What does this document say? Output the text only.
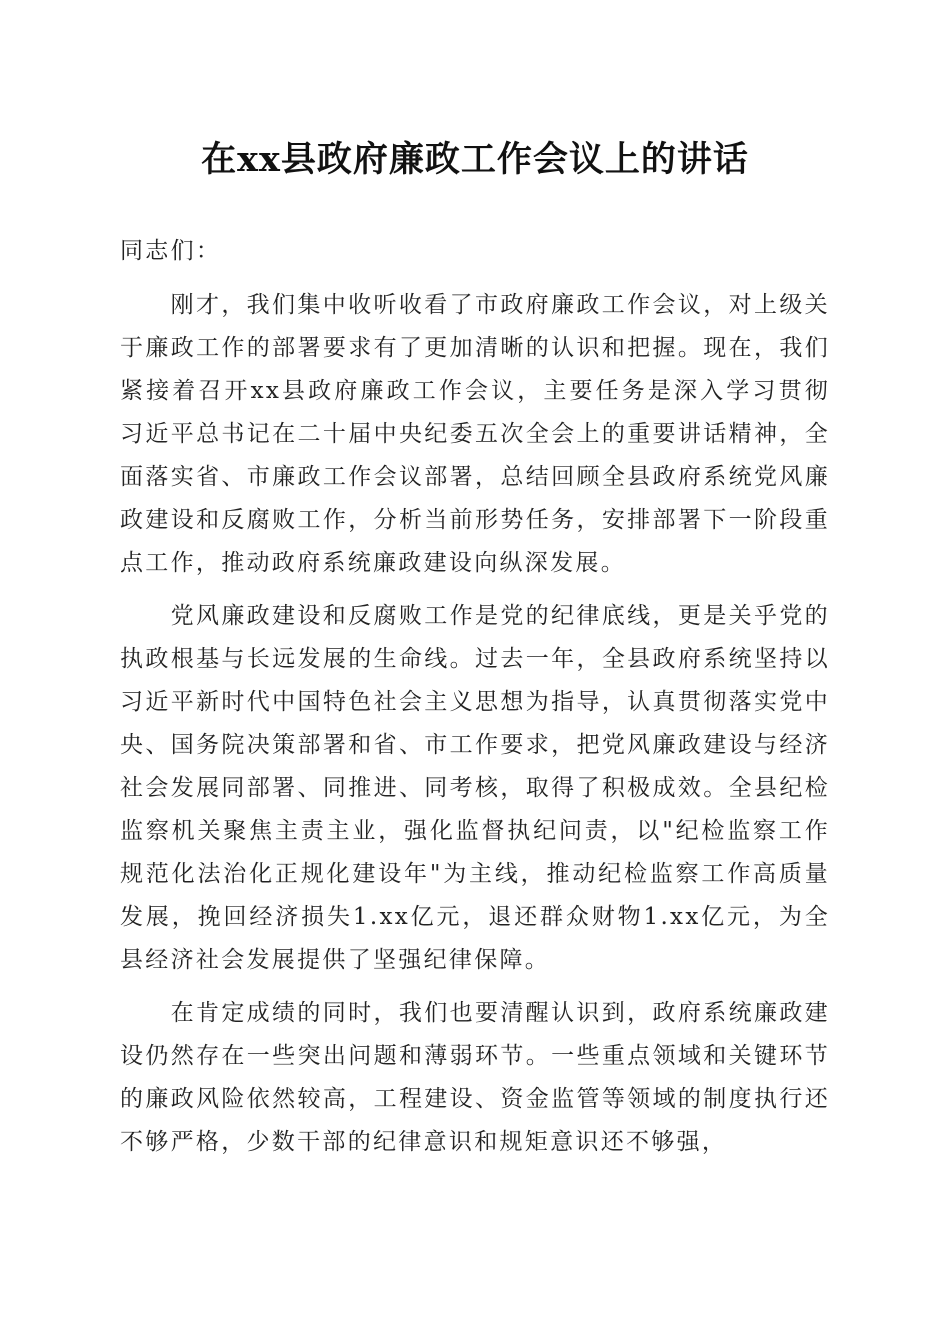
在xx县政府廉政工作会议上的讲话

同志们：

刚才，我们集中收听收看了市政府廉政工作会议，对上级关于廉政工作的部署要求有了更加清晰的认识和把握。现在，我们紧接着召开xx县政府廉政工作会议，主要任务是深入学习贯彻习近平总书记在二十届中央纪委五次全会上的重要讲话精神，全面落实省、市廉政工作会议部署，总结回顾全县政府系统党风廉政建设和反腐败工作，分析当前形势任务，安排部署下一阶段重点工作，推动政府系统廉政建设向纵深发展。

党风廉政建设和反腐败工作是党的纪律底线，更是关乎党的执政根基与长远发展的生命线。过去一年，全县政府系统坚持以习近平新时代中国特色社会主义思想为指导，认真贯彻落实党中央、国务院决策部署和省、市工作要求，把党风廉政建设与经济社会发展同部署、同推进、同考核，取得了积极成效。全县纪检监察机关聚焦主责主业，强化监督执纪问责，以"纪检监察工作规范化法治化正规化建设年"为主线，推动纪检监察工作高质量发展，挽回经济损失1.xx亿元，退还群众财物1.xx亿元，为全县经济社会发展提供了坚强纪律保障。

在肯定成绩的同时，我们也要清醒认识到，政府系统廉政建设仍然存在一些突出问题和薄弱环节。一些重点领域和关键环节的廉政风险依然较高，工程建设、资金监管等领域的制度执行还不够严格，少数干部的纪律意识和规矩意识还不够强，
